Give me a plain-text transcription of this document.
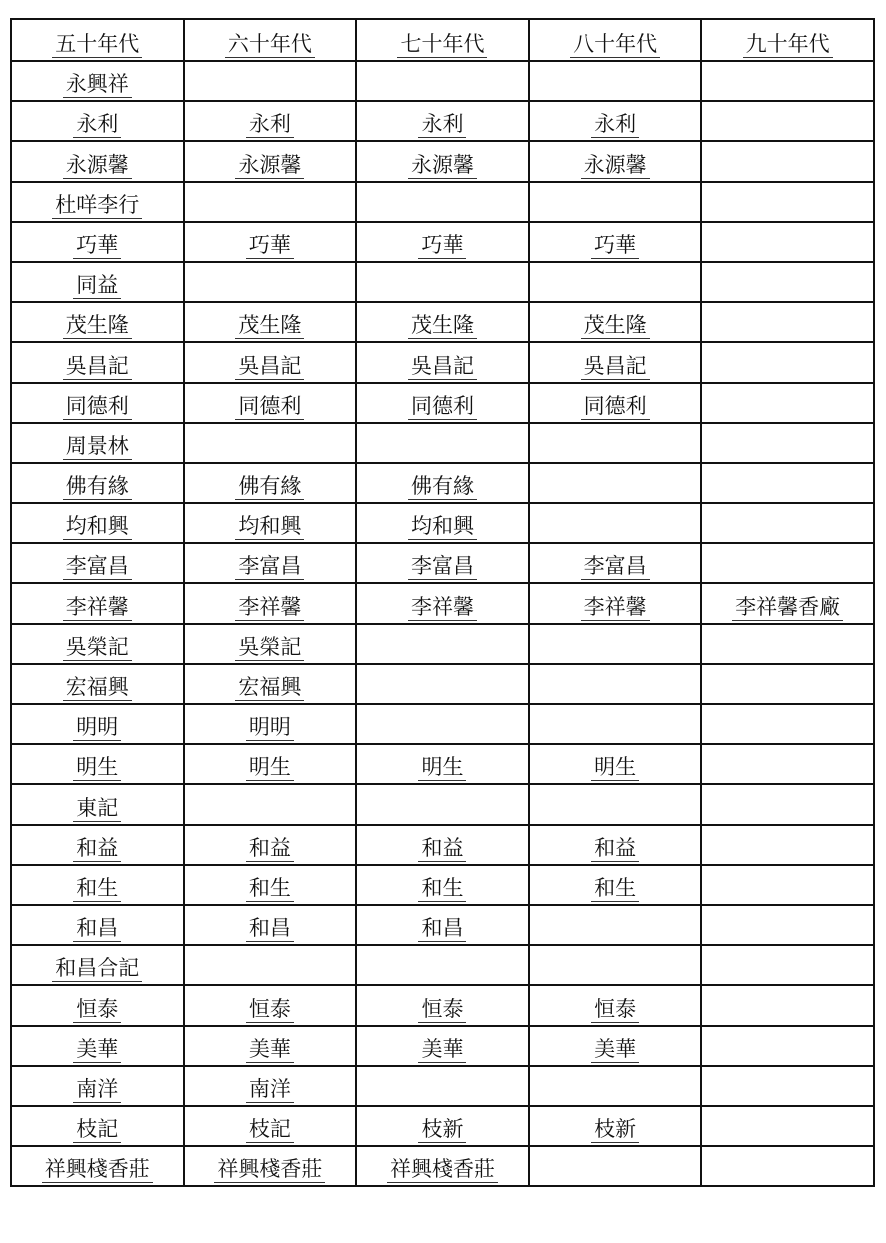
五十年代	六十年代	七十年代	八十年代	九十年代
永興祥				
永利	永利	永利	永利	
永源馨	永源馨	永源馨	永源馨	
杜咩李行				
巧華	巧華	巧華	巧華	
同益				
茂生隆	茂生隆	茂生隆	茂生隆	
吳昌記	吳昌記	吳昌記	吳昌記	
同德利	同德利	同德利	同德利	
周景林				
佛有緣	佛有緣	佛有緣		
均和興	均和興	均和興		
李富昌	李富昌	李富昌	李富昌	
李祥馨	李祥馨	李祥馨	李祥馨	李祥馨香廠
吳榮記	吳榮記			
宏福興	宏福興			
明明	明明			
明生	明生	明生	明生	
東記				
和益	和益	和益	和益	
和生	和生	和生	和生	
和昌	和昌	和昌		
和昌合記				
恒泰	恒泰	恒泰	恒泰	
美華	美華	美華	美華	
南洋	南洋			
枝記	枝記	枝新	枝新	
祥興棧香莊	祥興棧香莊	祥興棧香莊		
